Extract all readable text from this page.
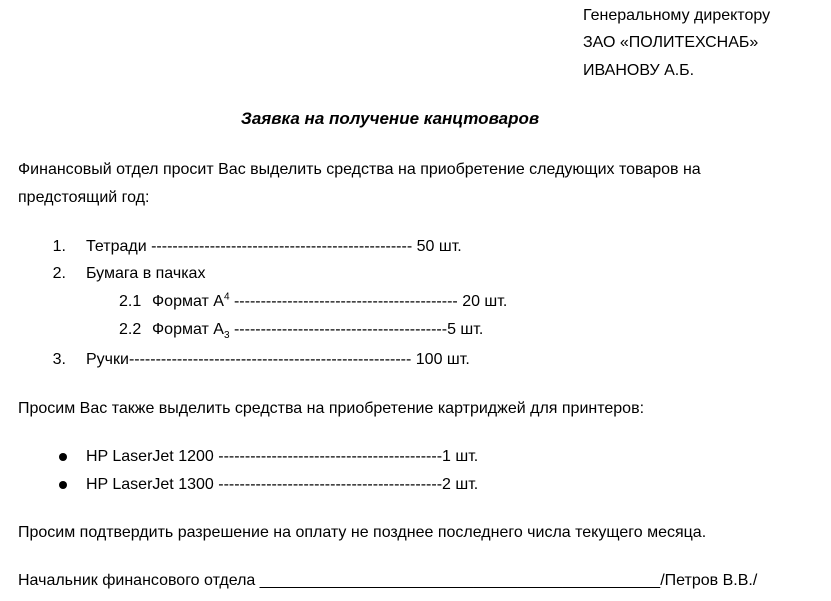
Генеральному директору
ЗАО «ПОЛИТЕХСНАБ»
ИВАНОВУ А.Б.
Заявка на получение канцтоваров
Финансовый отдел просит Вас выделить средства на приобретение следующих товаров на
предстоящий год:
1. Тетради ------------------------------------------------- 50 шт.
2. Бумага в пачках
2.1 Формат $А^4$ ------------------------------------------ 20 шт.
2.2 Формат $А_3$ ----------------------------------------5 шт.
3. Ручки----------------------------------------------------- 100 шт.
Просим Вас также выделить средства на приобретение картриджей для принтеров:
HP LaserJet 1200 ------------------------------------------1 шт.
HP LaserJet 1300 ------------------------------------------2 шт.
Просим подтвердить разрешение на оплату не позднее последнего числа текущего месяца.
Начальник финансового отдела _____________________________________________/Петров В.В./
